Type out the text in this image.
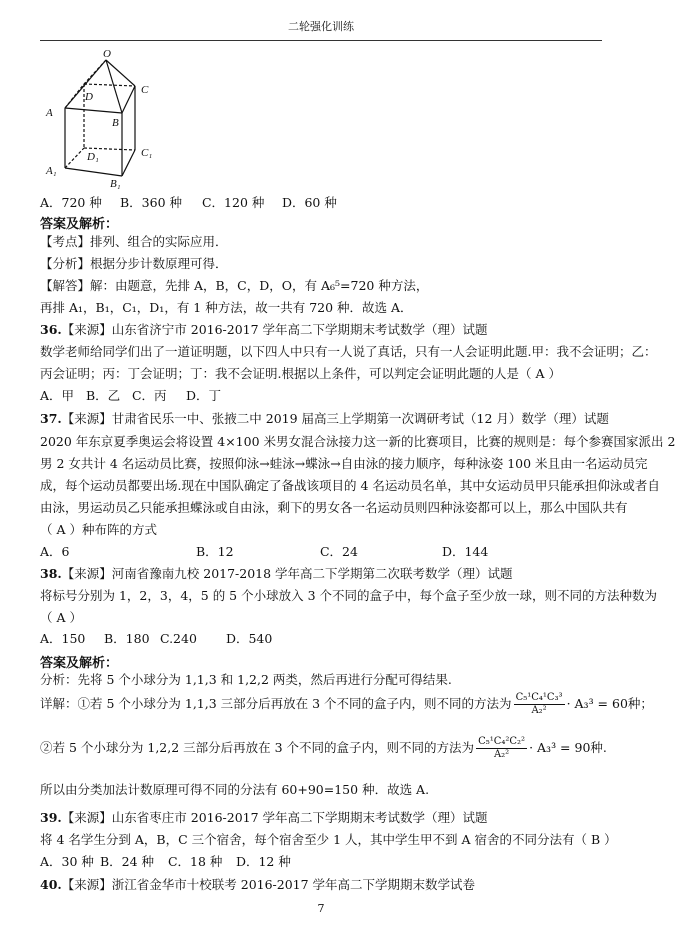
二轮强化训练
O
A
B
C
D
A₁
B₁
C₁
D₁
A．720 种 B．360 种 C．120 种 D．60 种
答案及解析：
【考点】排列、组合的实际应用．
【分析】根据分步计数原理可得．
【解答】解：由题意，先排 A，B，C，D，O，有 A₆⁵=720 种方法，
再排 A₁，B₁，C₁，D₁，有 1 种方法，故一共有 720 种．故选 A．
36.【来源】山东省济宁市 2016-2017 学年高二下学期期末考试数学（理）试题
数学老师给同学们出了一道证明题，以下四人中只有一人说了真话，只有一人会证明此题.甲：我不会证明；乙：
丙会证明；丙：丁会证明；丁：我不会证明.根据以上条件，可以判定会证明此题的人是（ A ）
A．甲 B．乙 C．丙 D．丁
37.【来源】甘肃省民乐一中、张掖二中 2019 届高三上学期第一次调研考试（12 月）数学（理）试题
2020 年东京夏季奥运会将设置 4×100 米男女混合泳接力这一新的比赛项目，比赛的规则是：每个参赛国家派出 2
男 2 女共计 4 名运动员比赛，按照仰泳→蛙泳→蝶泳→自由泳的接力顺序，每种泳姿 100 米且由一名运动员完
成，每个运动员都要出场.现在中国队确定了备战该项目的 4 名运动员名单，其中女运动员甲只能承担仰泳或者自
由泳，男运动员乙只能承担蝶泳或自由泳，剩下的男女各一名运动员则四种泳姿都可以上，那么中国队共有
（ A ）种布阵的方式
A．6	B．12	C．24	D．144
38.【来源】河南省豫南九校 2017-2018 学年高二下学期第二次联考数学（理）试题
将标号分别为 1，2，3，4，5 的 5 个小球放入 3 个不同的盒子中，每个盒子至少放一球，则不同的方法种数为
（ A ）
A．150 B．180 C.240 D．540
答案及解析：
分析：先将 5 个小球分为 1,1,3 和 1,2,2 两类，然后再进行分配可得结果.
详解：①若 5 个小球分为 1,1,3 三部分后再放在 3 个不同的盒子内，则不同的方法为 $\frac{\text{C₅¹C₄¹C₃³}}{\text{A₂²}} \cdot A_3^3 = 60$种；
②若 5 个小球分为 1,2,2 三部分后再放在 3 个不同的盒子内，则不同的方法为 $\frac{\text{C₅¹C₄²C₂²}}{\text{A₂²}} \cdot A_3^3 = 90$种.
所以由分类加法计数原理可得不同的分法有 60+90=150 种．故选 A.
39.【来源】山东省枣庄市 2016-2017 学年高二下学期期末考试数学（理）试题
将 4 名学生分到 A，B，C 三个宿舍，每个宿舍至少 1 人，其中学生甲不到 A 宿舍的不同分法有（ B ）
A．30 种 B．24 种 C．18 种 D．12 种
40.【来源】浙江省金华市十校联考 2016-2017 学年高二下学期期末数学试卷
7
